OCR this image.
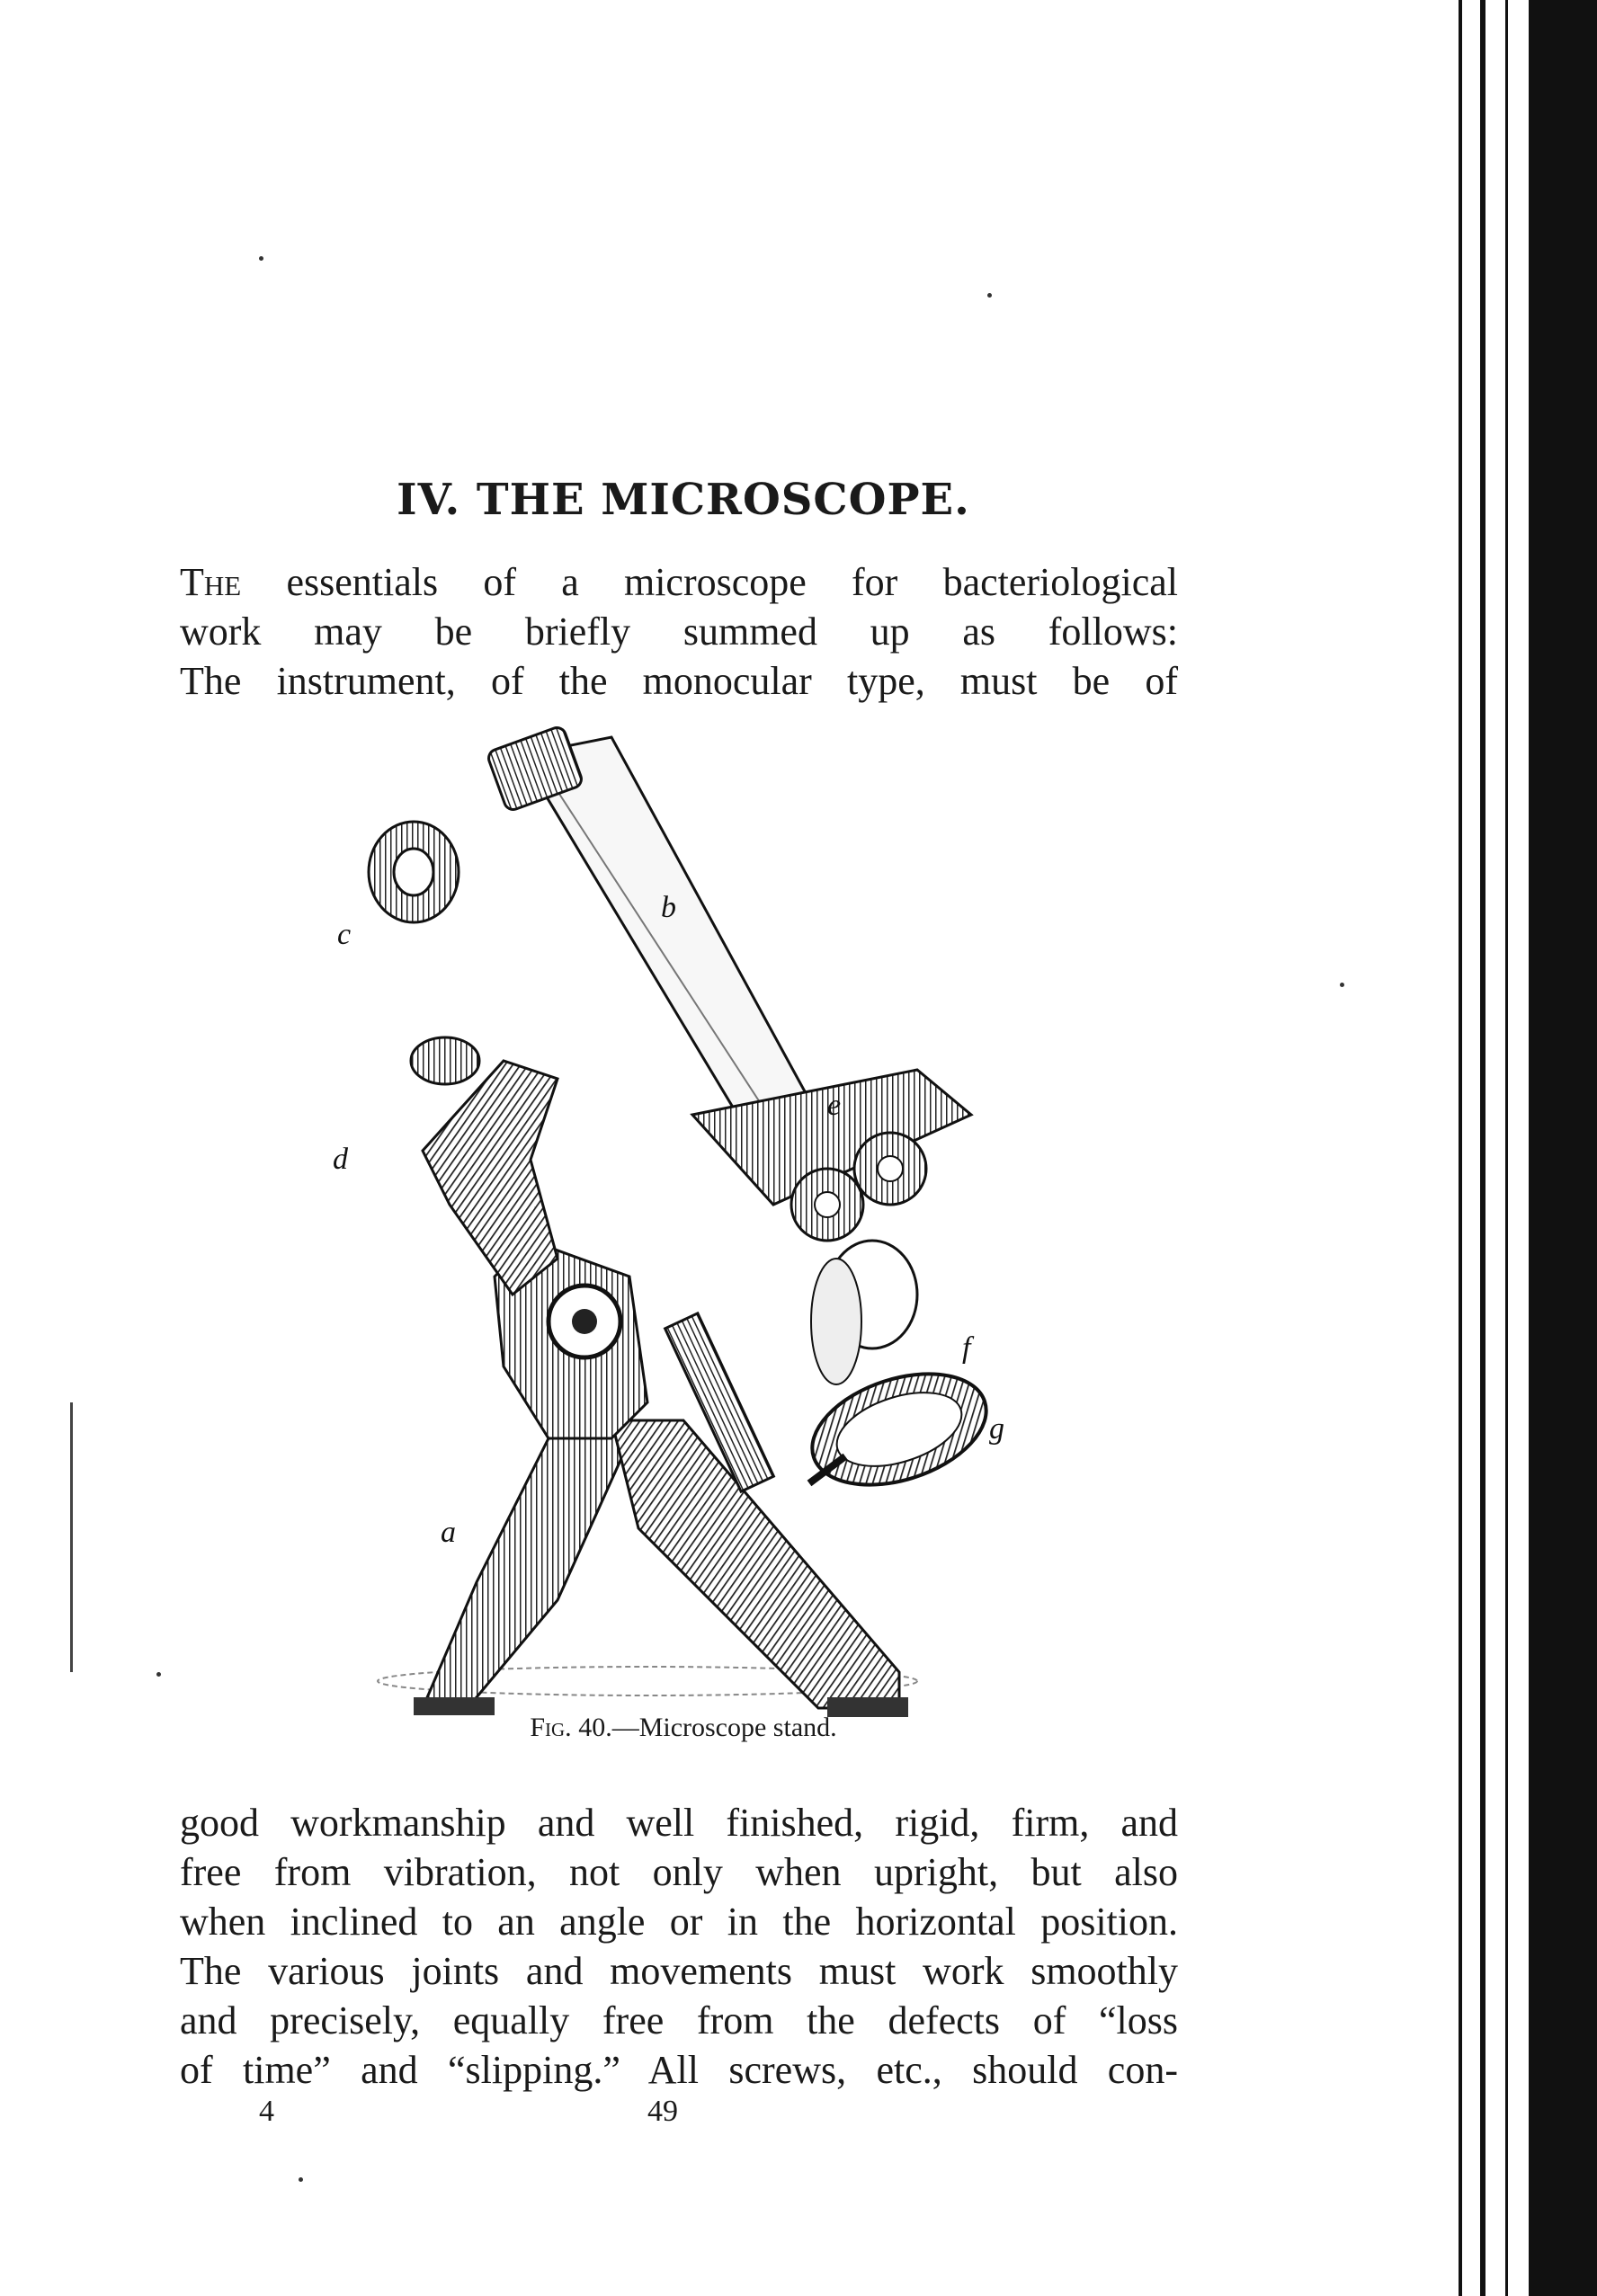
IV. THE MICROSCOPE.
The essentials of a microscope for bacteriological
work may be briefly summed up as follows:
The instrument, of the monocular type, must be of
b
c
e
d
f
g
a
Fig. 40.—Microscope stand.
good workmanship and well finished, rigid, firm, and
free from vibration, not only when upright, but also
when inclined to an angle or in the horizontal position.
The various joints and movements must work smoothly
and precisely, equally free from the defects of “loss
of time” and “slipping.” All screws, etc., should con-
4	49
